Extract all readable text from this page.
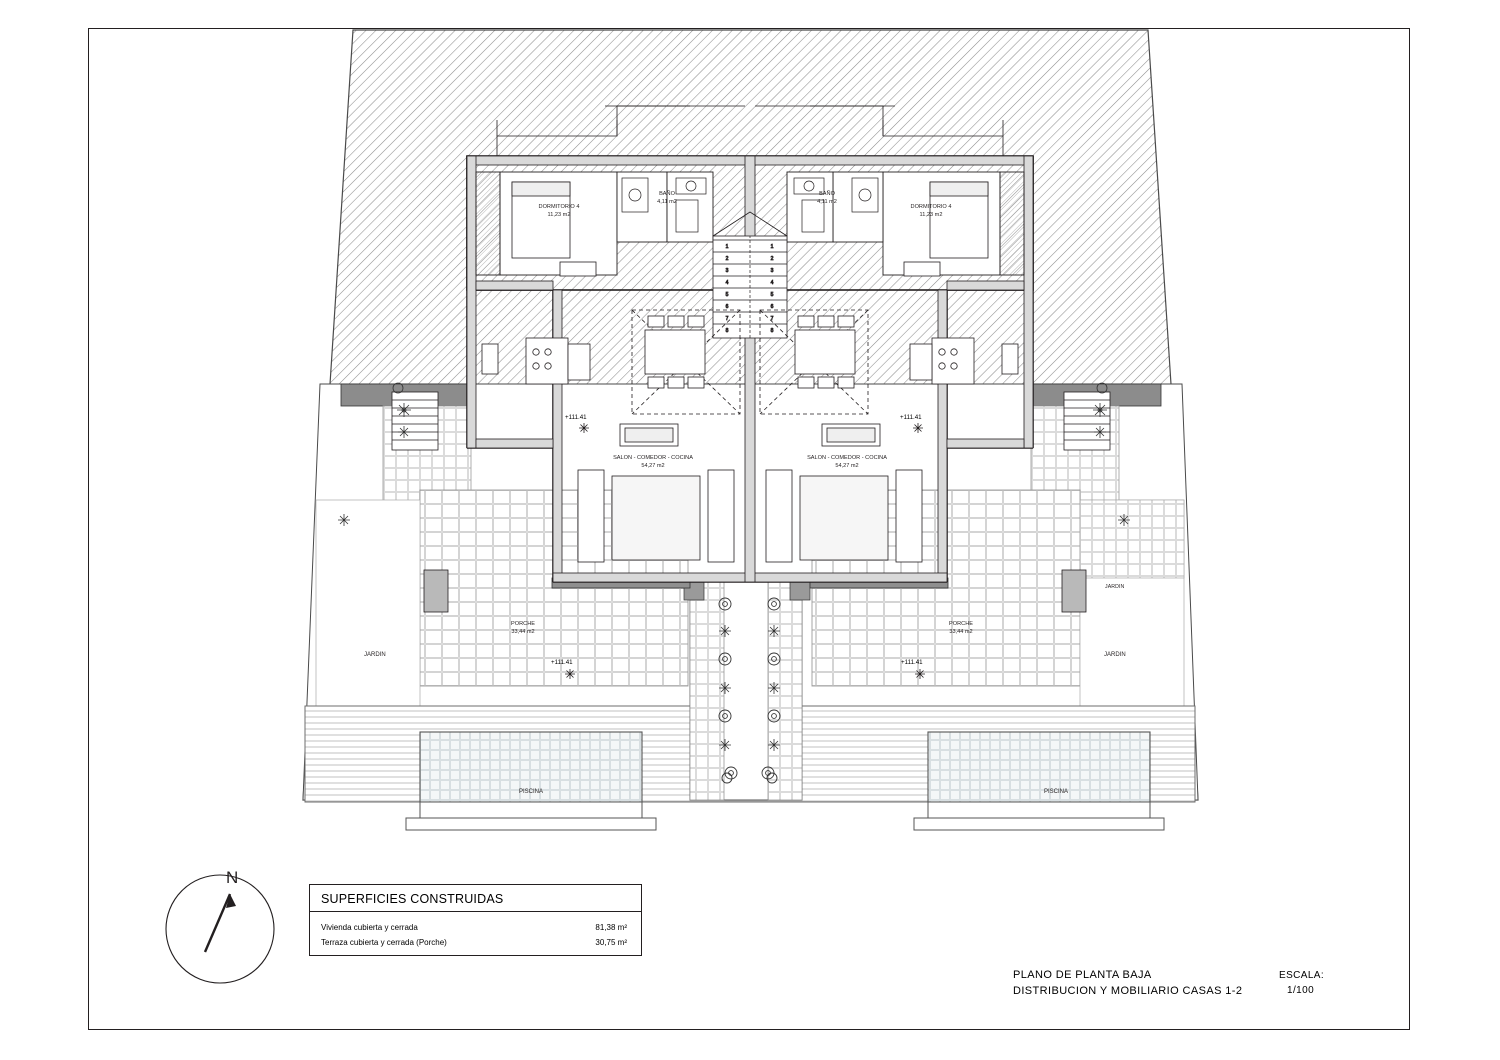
1	1
2	2
3	3
4	4
5	5
6	6
7	7
8	8
DORMITORIO 4
11,23 m2
DORMITORIO 4
11,23 m2
BAÑO
4,11 m2
BAÑO
4,11 m2
SALON - COMEDOR - COCINA
54,27 m2
SALON - COMEDOR - COCINA
54,27 m2
PORCHE
33,44 m2
PORCHE
33,44 m2
JARDIN	JARDIN
JARDIN
PISCINA	PISCINA
+111.41	+111.41
+111.41	+111.41
N
SUPERFICIES CONSTRUIDAS
Vivienda cubierta y cerrada	81,38 m²
Terraza cubierta y cerrada (Porche)	30,75 m²
PLANO DE PLANTA BAJA
DISTRIBUCION Y MOBILIARIO CASAS 1-2
ESCALA:
1/100
